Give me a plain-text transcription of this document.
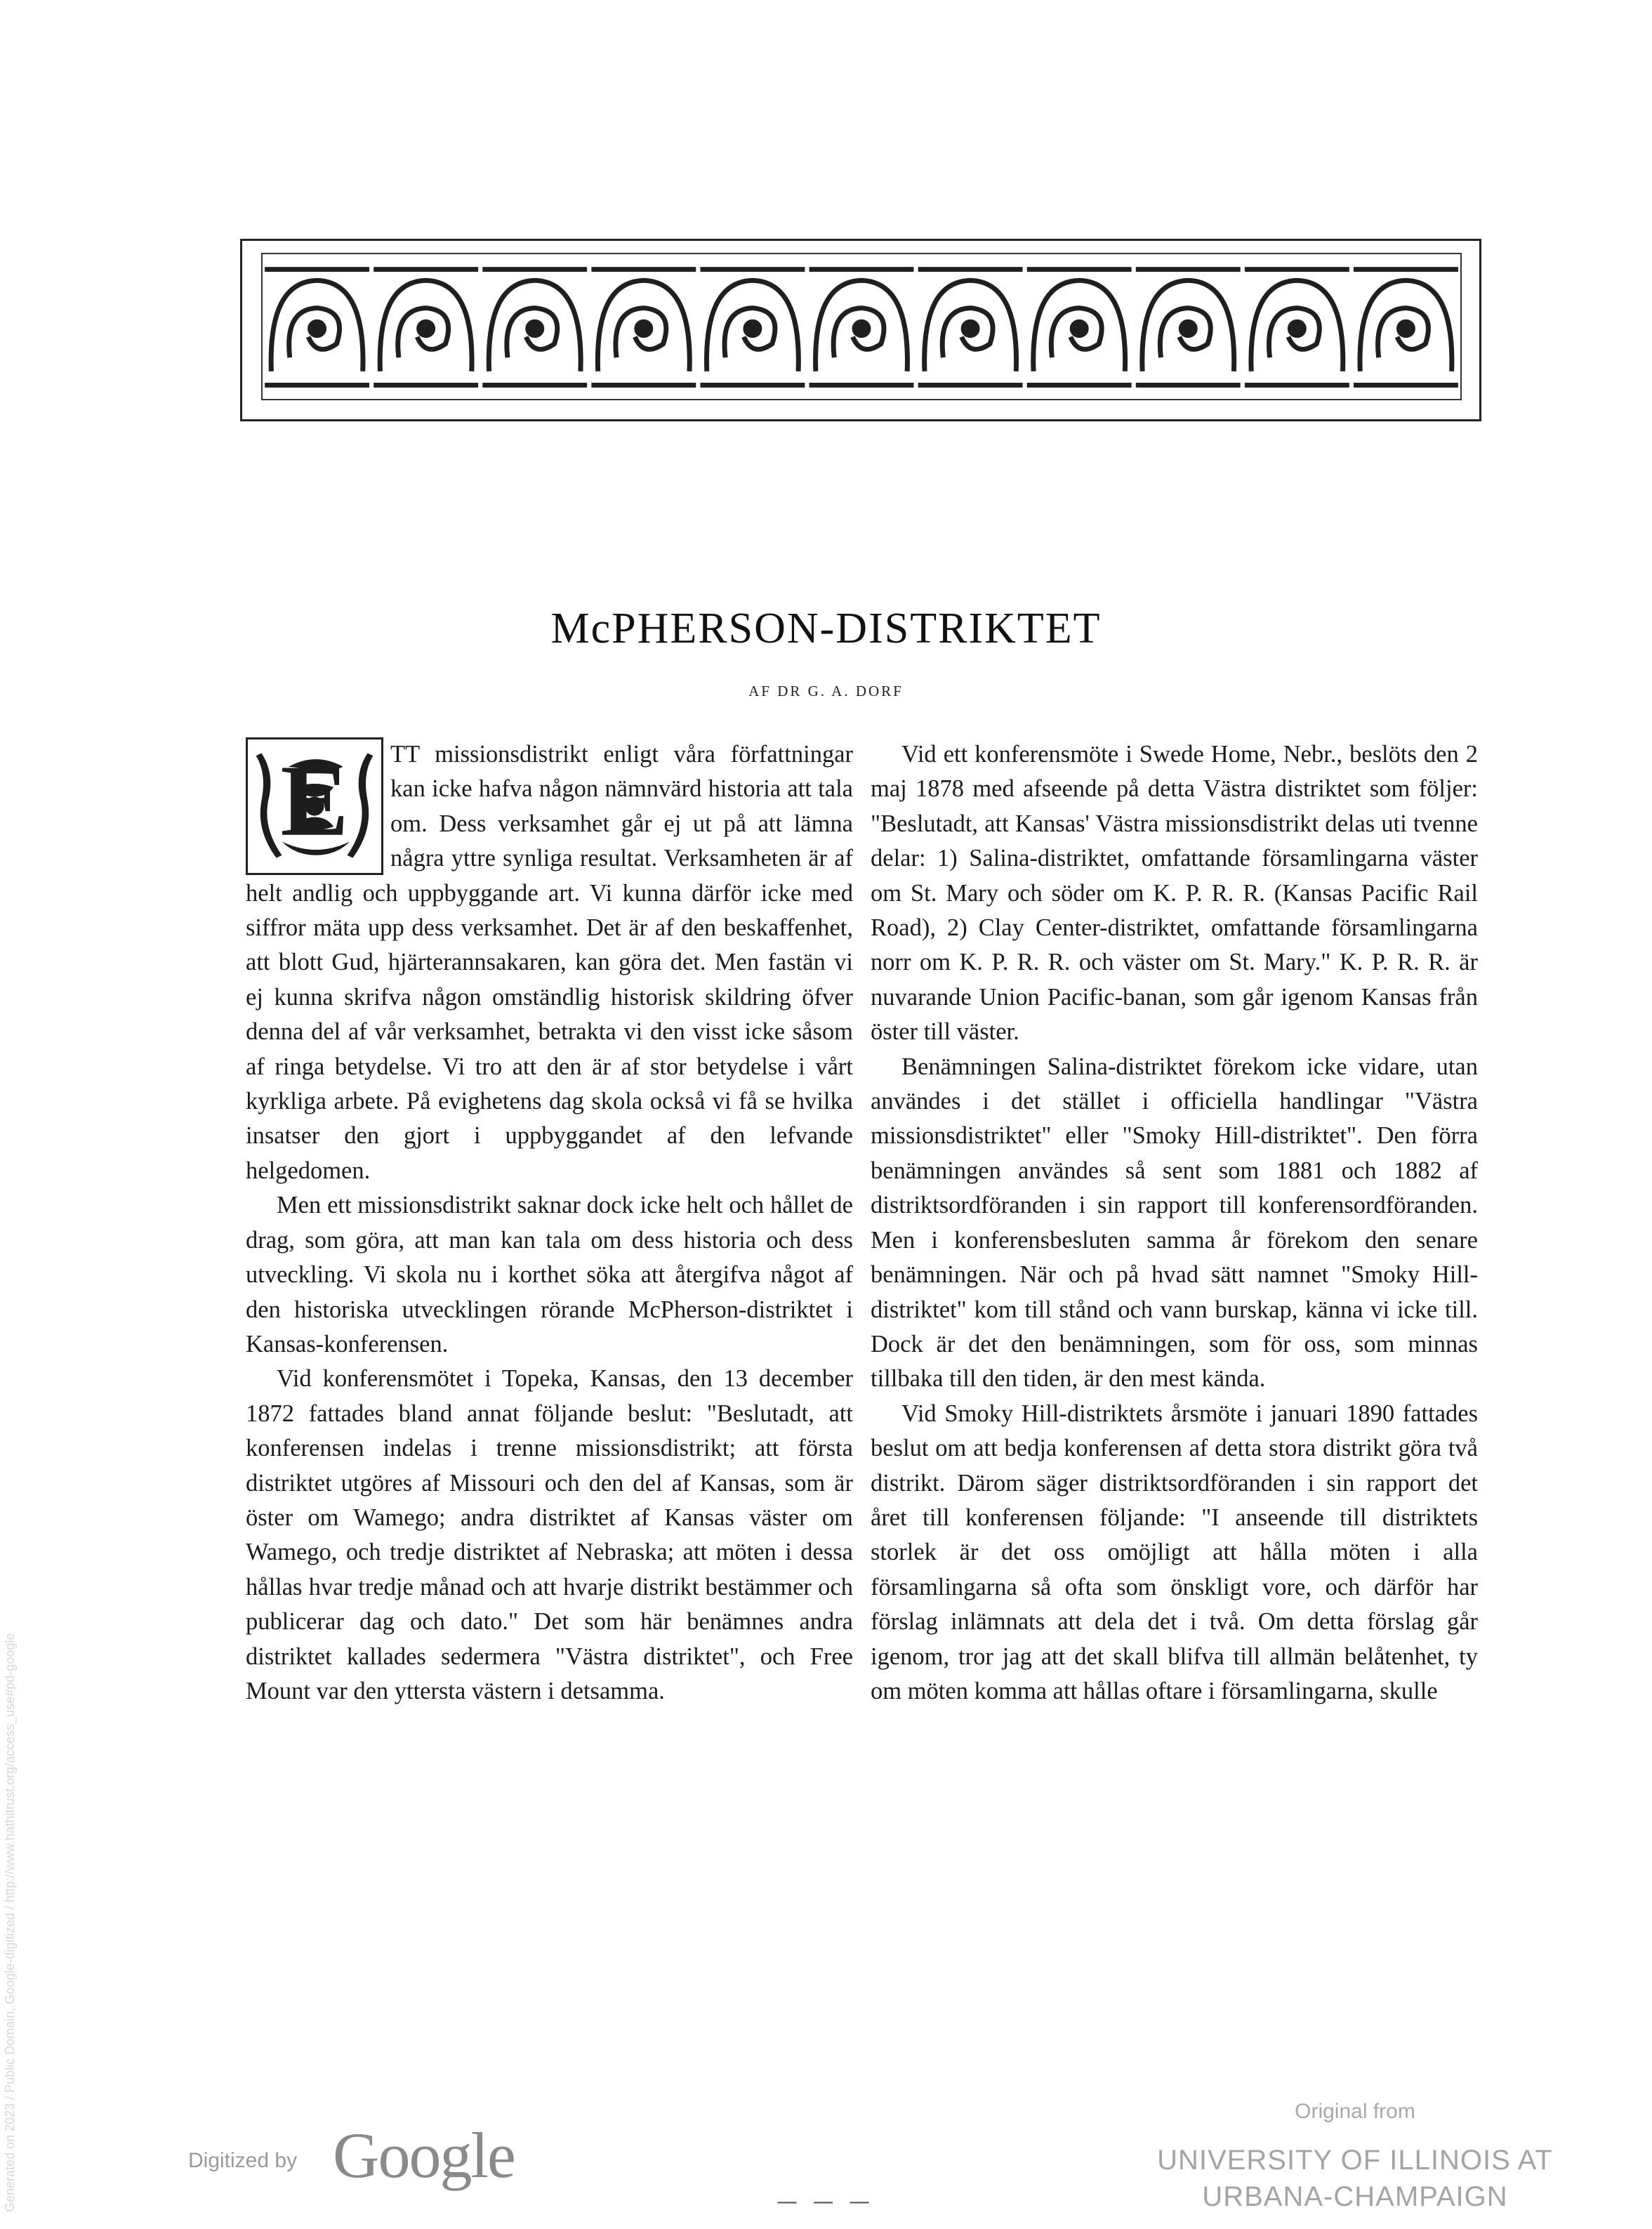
Generated on 2023 / Public Domain, Google-digitized / http://www.hathitrust.org/access_use#pd-google
McPHERSON-DISTRIKTET
AF DR G. A. DORF
E	TT missionsdistrikt enligt våra författningar kan icke hafva någon nämnvärd historia att tala om. Dess verksamhet går ej ut på att lämna några yttre synliga resultat. Verksamheten är af helt andlig och uppbyggande art. Vi kunna därför icke med siffror mäta upp dess verksamhet. Det är af den beskaffenhet, att blott Gud, hjärterannsakaren, kan göra det. Men fastän vi ej kunna skrifva någon omständlig historisk skildring öfver denna del af vår verksamhet, betrakta vi den visst icke såsom af ringa betydelse. Vi tro att den är af stor betydelse i vårt kyrkliga arbete. På evighetens dag skola också vi få se hvilka insatser den gjort i uppbyggandet af den lefvande helgedomen.

Men ett missionsdistrikt saknar dock icke helt och hållet de drag, som göra, att man kan tala om dess historia och dess utveckling. Vi skola nu i korthet söka att återgifva något af den historiska utvecklingen rörande McPherson-distriktet i Kansas-konferensen.

Vid konferensmötet i Topeka, Kansas, den 13 december 1872 fattades bland annat följande beslut: "Beslutadt, att konferensen indelas i trenne missionsdistrikt; att första distriktet utgöres af Missouri och den del af Kansas, som är öster om Wamego; andra distriktet af Kansas väster om Wamego, och tredje distriktet af Nebraska; att möten i dessa hållas hvar tredje månad och att hvarje distrikt bestämmer och publicerar dag och dato." Det som här benämnes andra distriktet kallades sedermera "Västra distriktet", och Free Mount var den yttersta västern i detsamma.

Vid ett konferensmöte i Swede Home, Nebr., beslöts den 2 maj 1878 med afseende på detta Västra distriktet som följer: "Beslutadt, att Kansas' Västra missionsdistrikt delas uti tvenne delar: 1) Salina-distriktet, omfattande församlingarna väster om St. Mary och söder om K. P. R. R. (Kansas Pacific Rail Road), 2) Clay Center-distriktet, omfattande församlingarna norr om K. P. R. R. och väster om St. Mary." K. P. R. R. är nuvarande Union Pacific-banan, som går igenom Kansas från öster till väster.

Benämningen Salina-distriktet förekom icke vidare, utan användes i det stället i officiella handlingar "Västra missionsdistriktet" eller "Smoky Hill-distriktet". Den förra benämningen användes så sent som 1881 och 1882 af distriktsordföranden i sin rapport till konferensordföranden. Men i konferensbesluten samma år förekom den senare benämningen. När och på hvad sätt namnet "Smoky Hill-distriktet" kom till stånd och vann burskap, känna vi icke till. Dock är det den benämningen, som för oss, som minnas tillbaka till den tiden, är den mest kända.

Vid Smoky Hill-distriktets årsmöte i januari 1890 fattades beslut om att bedja konferensen af detta stora distrikt göra två distrikt. Därom säger distriktsordföranden i sin rapport det året till konferensen följande: "I anseende till distriktets storlek är det oss omöjligt att hålla möten i alla församlingarna så ofta som önskligt vore, och därför har förslag inlämnats att dela det i två. Om detta förslag går igenom, tror jag att det skall blifva till allmän belåtenhet, ty om möten komma att hållas oftare i församlingarna, skulle

Digitized by Google
— — —
Original from
UNIVERSITY OF ILLINOIS AT
URBANA-CHAMPAIGN
